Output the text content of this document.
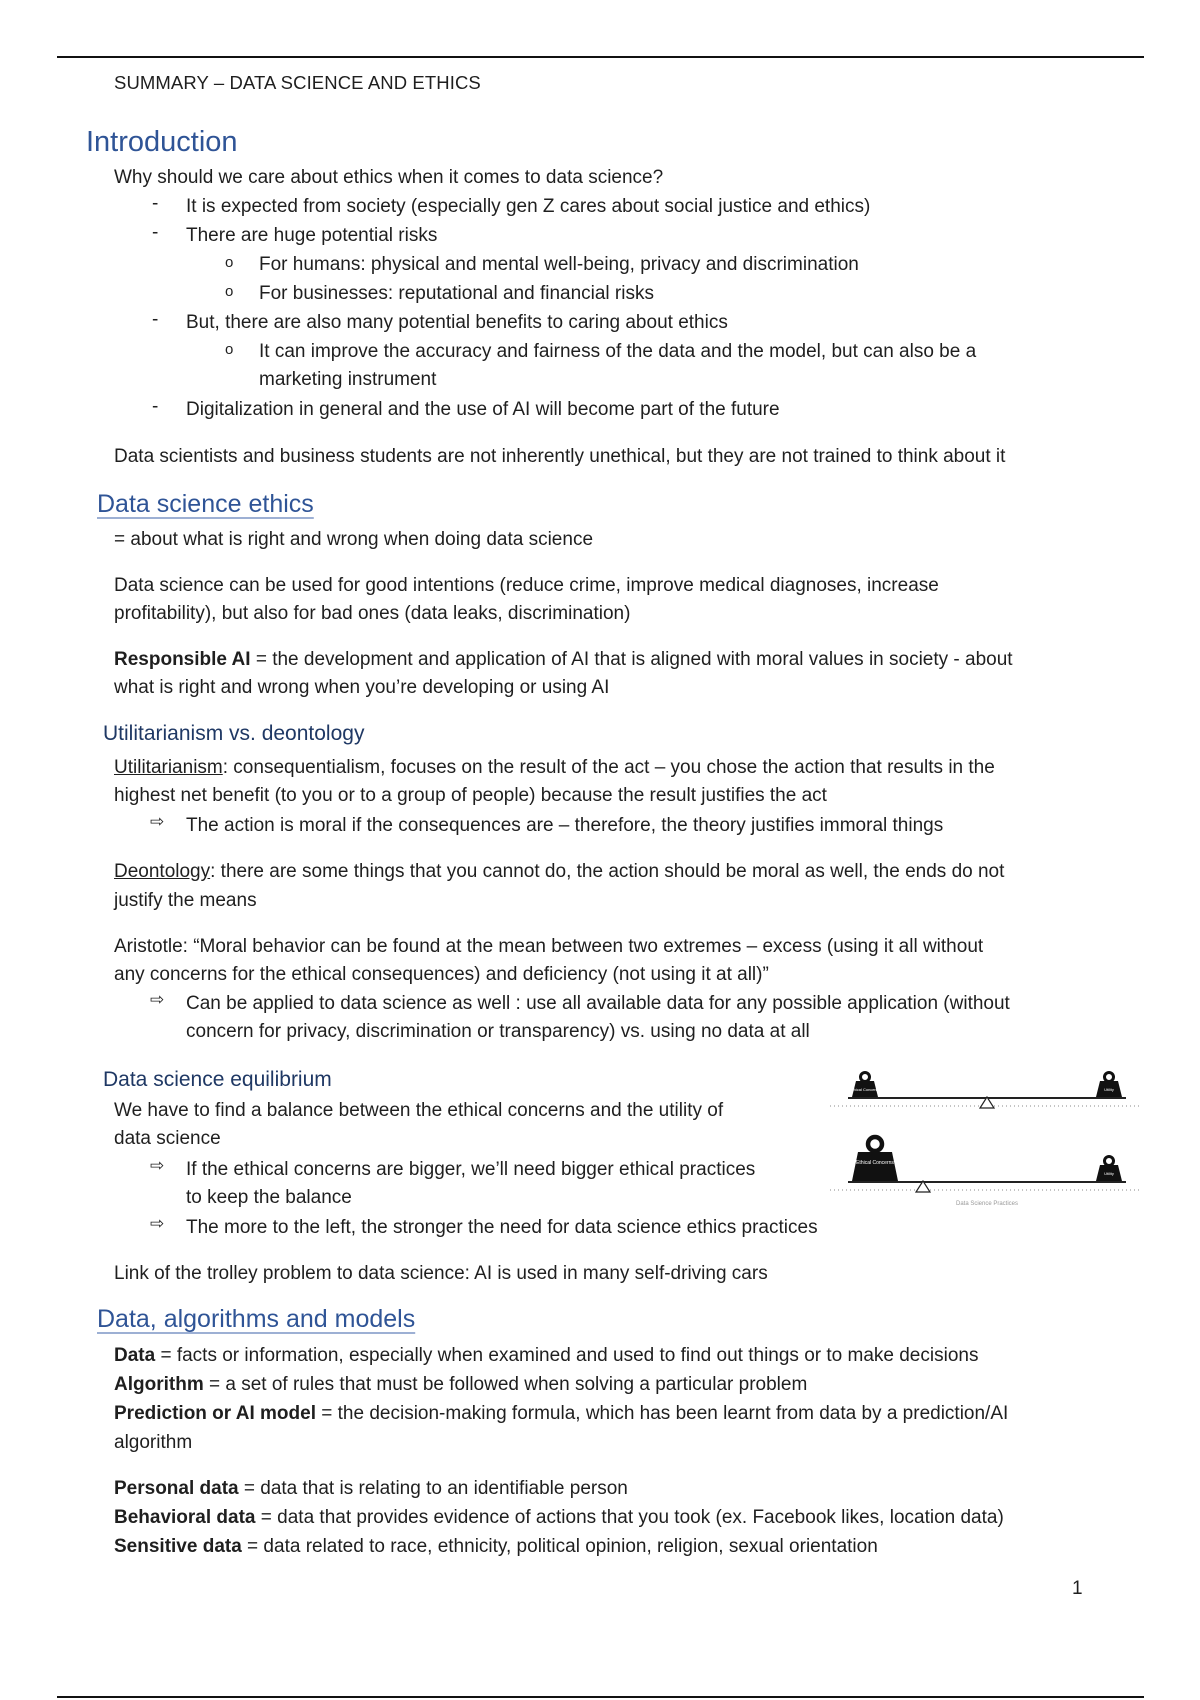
SUMMARY – DATA SCIENCE AND ETHICS
Introduction
Why should we care about ethics when it comes to data science?
- It is expected from society (especially gen Z cares about social justice and ethics)
- There are huge potential risks
o For humans: physical and mental well-being, privacy and discrimination
o For businesses: reputational and financial risks
- But, there are also many potential benefits to caring about ethics
o It can improve the accuracy and fairness of the data and the model, but can also be a
marketing instrument
- Digitalization in general and the use of AI will become part of the future
Data scientists and business students are not inherently unethical, but they are not trained to think about it
Data science ethics
= about what is right and wrong when doing data science
Data science can be used for good intentions (reduce crime, improve medical diagnoses, increase
profitability), but also for bad ones (data leaks, discrimination)
Responsible AI = the development and application of AI that is aligned with moral values in society - about
what is right and wrong when you’re developing or using AI
Utilitarianism vs. deontology
Utilitarianism: consequentialism, focuses on the result of the act – you chose the action that results in the
highest net benefit (to you or to a group of people) because the result justifies the act
⇨ The action is moral if the consequences are – therefore, the theory justifies immoral things
Deontology: there are some things that you cannot do, the action should be moral as well, the ends do not
justify the means
Aristotle: “Moral behavior can be found at the mean between two extremes – excess (using it all without
any concerns for the ethical consequences) and deficiency (not using it at all)”
⇨ Can be applied to data science as well : use all available data for any possible application (without
concern for privacy, discrimination or transparency) vs. using no data at all
Data science equilibrium
We have to find a balance between the ethical concerns and the utility of
data science
⇨ If the ethical concerns are bigger, we’ll need bigger ethical practices
to keep the balance
⇨ The more to the left, the stronger the need for data science ethics practices
Ethical Concerns	Utility
Ethical Concerns
Utility
Data Science Practices
Link of the trolley problem to data science: AI is used in many self-driving cars
Data, algorithms and models
Data = facts or information, especially when examined and used to find out things or to make decisions
Algorithm = a set of rules that must be followed when solving a particular problem
Prediction or AI model = the decision-making formula, which has been learnt from data by a prediction/AI
algorithm
Personal data = data that is relating to an identifiable person
Behavioral data = data that provides evidence of actions that you took (ex. Facebook likes, location data)
Sensitive data = data related to race, ethnicity, political opinion, religion, sexual orientation
1
